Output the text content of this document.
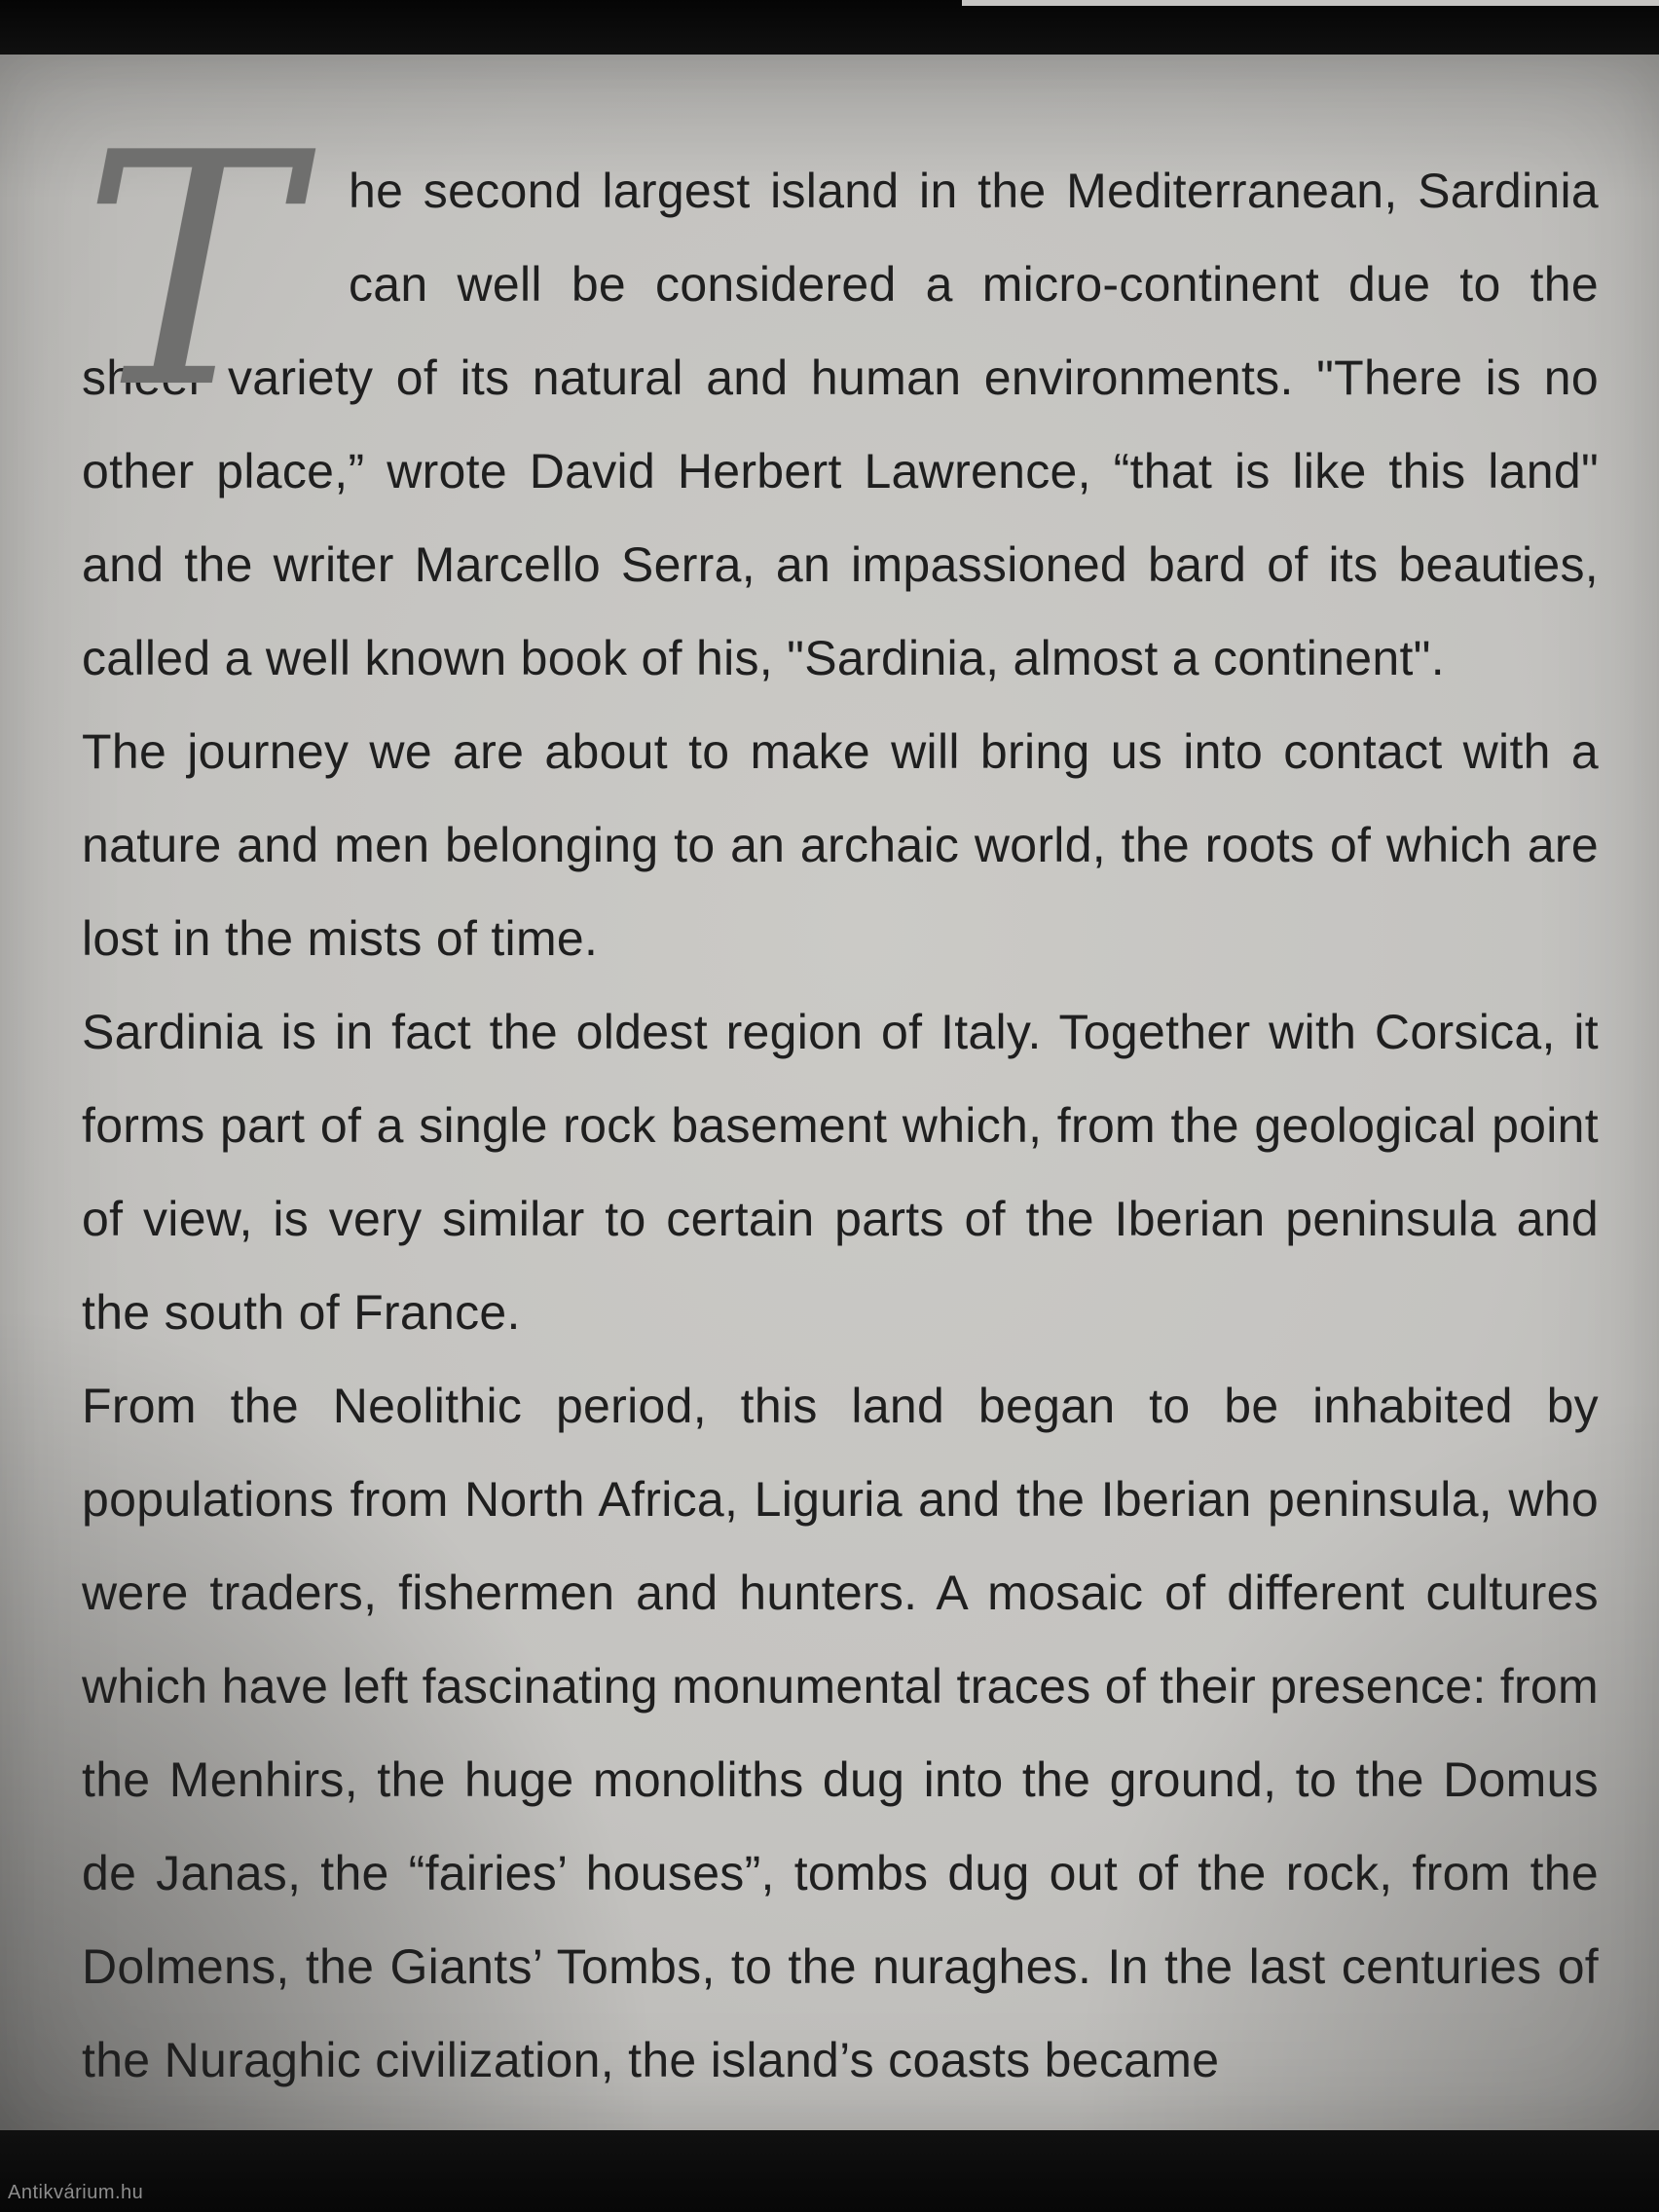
T he second largest island in the Mediterranean, Sardinia can well be considered a micro-continent due to the sheer variety of its natural and human environments. "There is no other place,” wrote David Herbert Lawrence, “that is like this land" and the writer Marcello Serra, an impassioned bard of its beauties, called a well known book of his, "Sardinia, almost a continent".

The journey we are about to make will bring us into contact with a nature and men belonging to an archaic world, the roots of which are lost in the mists of time.

Sardinia is in fact the oldest region of Italy. Together with Corsica, it forms part of a single rock basement which, from the geological point of view, is very similar to certain parts of the Iberian peninsula and the south of France.

From the Neolithic period, this land began to be inhabited by populations from North Africa, Liguria and the Iberian peninsula, who were traders, fishermen and hunters. A mosaic of different cultures which have left fascinating monumental traces of their presence: from the Menhirs, the huge monoliths dug into the ground, to the Domus de Janas, the “fairies’ houses”, tombs dug out of the rock, from the Dolmens, the Giants’ Tombs, to the nuraghes. In the last centuries of the Nuraghic civilization, the island’s coasts became

Antikvárium.hu
